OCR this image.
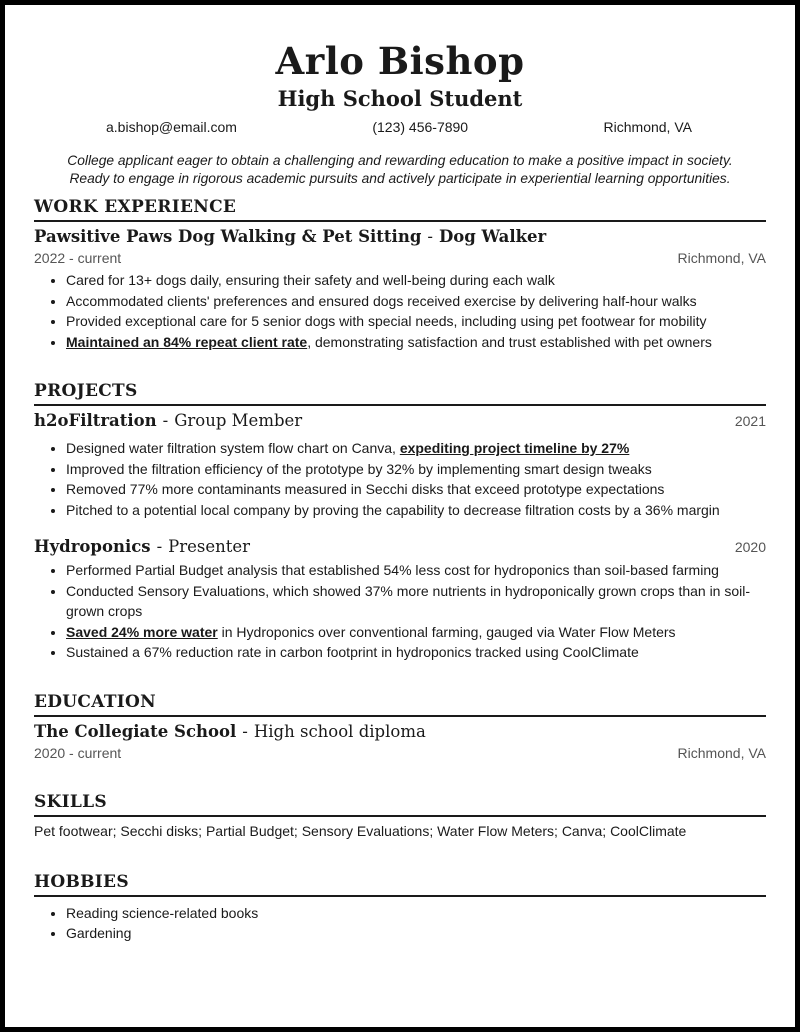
Arlo Bishop
High School Student
a.bishop@email.com	(123) 456-7890	Richmond, VA
College applicant eager to obtain a challenging and rewarding education to make a positive impact in society.
Ready to engage in rigorous academic pursuits and actively participate in experiential learning opportunities.
WORK EXPERIENCE
Pawsitive Paws Dog Walking & Pet Sitting - Dog Walker
2022 - current	Richmond, VA
• Cared for 13+ dogs daily, ensuring their safety and well-being during each walk
• Accommodated clients' preferences and ensured dogs received exercise by delivering half-hour walks
• Provided exceptional care for 5 senior dogs with special needs, including using pet footwear for mobility
• Maintained an 84% repeat client rate, demonstrating satisfaction and trust established with pet owners
PROJECTS
h2oFiltration - Group Member	2021
• Designed water filtration system flow chart on Canva, expediting project timeline by 27%
• Improved the filtration efficiency of the prototype by 32% by implementing smart design tweaks
• Removed 77% more contaminants measured in Secchi disks that exceed prototype expectations
• Pitched to a potential local company by proving the capability to decrease filtration costs by a 36% margin
Hydroponics - Presenter	2020
• Performed Partial Budget analysis that established 54% less cost for hydroponics than soil-based farming
• Conducted Sensory Evaluations, which showed 37% more nutrients in hydroponically grown crops than in soil-grown crops
• Saved 24% more water in Hydroponics over conventional farming, gauged via Water Flow Meters
• Sustained a 67% reduction rate in carbon footprint in hydroponics tracked using CoolClimate
EDUCATION
The Collegiate School - High school diploma
2020 - current	Richmond, VA
SKILLS
Pet footwear; Secchi disks; Partial Budget; Sensory Evaluations; Water Flow Meters; Canva; CoolClimate
HOBBIES
• Reading science-related books
• Gardening
